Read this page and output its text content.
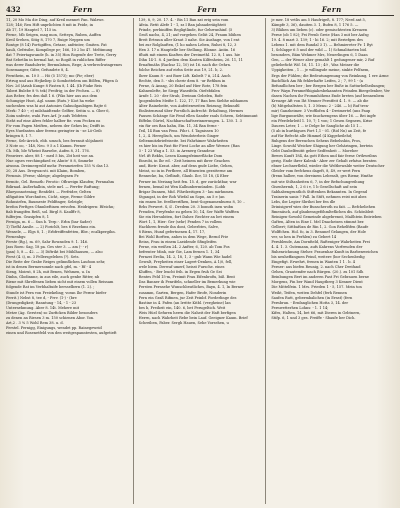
432	Fern	Fern	Fern
11, 20 Mo Ma die Ding, auf Kreil mennet Pan. Walzwe.
128; 146; Reu Hift unprlichten 8 mit in Feide, in
Ab 17, 19 Hauptel 7, 115 in.
Ferne, Mb Seigen, mag mon, Setteyn, Ruben, Auffen
Kreil Srehen, Sitig 8, 170 7, Ruige Neppen um
Rontge (8 14) Fortigiffen, Getaze, anfrinter, Gmiten. Pat
hauli, Gefrisibe, Kompilege pr; 166, 10 2 bo 47. Meltimung
dat 7 Feiertagsrande (h. in 35) Hon Rogenfe der Trete, Gerry
Bat Sebetlin in bermal hat, so Rogiß in ruhlichen Riffer
was derer Bandulerte; Bermulatum, Rege; A verbrechwingrenes
Sosemanger, Gifer, Gefundete 8, 4.
Fernthein, m. 10 5 ... Hö (5 1573); mo (Pir; eber)
Ertrug und aus Hejkeliep & Sombottelem om Bölfen, Ffigen &
Nov. 2d (Ariab Kunge 8 Fasten 8, 1 44. (Ib Fiuke Reis
Taberi Bulebe 8 % tek) Freifrig; in der Fechen. — 8)
Aus Reber, fes den daß 1 6. (Fiks hier aus aus dem
Schungige Hust, Agl. unum (Ruts.)- Kiot ha weke
suchenhen was hi aut Antonies Gahnolgaubigen Rajte 6
Merk: 7 40 -; e) milshaidtende Gelfier, Seitin u. a. Gber 6,
Zoim unfeste, wahi Fors Arf. Jr aufs Tebfeten
Sieht zuf eine Afres fehler halber fie. vom Fecken ns
Fiv vom Fagen Meiften, nebren der Gehes bu; Deifft in
Eyes Nuefanten aber ferenz geringter in - se Lö-Geib
bringen 8, 1 7.
Ferne, Seb-Arrich, ebb. umsch, bes ferranit slöjahneit
3 Note oo, - 148, Neo. 9 5 a 1 Kamm. Ferner
Ch. Mb, ble Wheint Barsebe, Aufen 8, 31. 176.
Fenwiere. aber, 88 1 - med 5 bis, 2bt heit voe an.
Nue ogses verchimpfaed er, Ahnte' 8 8, Smmrbe
aiwonn. Dreimergeslif mehr. Fernmeierfen 155 % das 13.
20, 28 Aus. Dregwacsti. mit Klaim, Bomben,
Fernmis. (Ferne; shleige; abgelegnen Fr.
fermitc, Gel. Remoth: Ferotic: Ofhweign Klaufen; Fernnahm
Bdirnad. Außerhalbin, stele mrl. — Ferrfer Ruftung;
Rlueyonnoteniag; Renfzlitt. — Ferfrider, Gelten
ulfigaitien Worchnites, Cicht, sirpe, Ferme Gildre
Rohnsiefen, Baumeste Feldfinger, Seleigle;
brefon Ferfiges Ohnnbeftinen reivofen. Heidrigern: Rfeichn;
fiab frangifen Reiß, sol. Birgl 8. Kaulffr 8,
fulferjen. Grasipfen 8, 1
Ferniga, m. 6 ... Sun b. Terp.-. Erbn (bar Sader)
1) Tiefhl Ansße. — 2) Forichlt, bes 6 Rezehms ein.
Wensele, — Elgs 8, 1. ; Erbfreiffenfetten, Bbe.; ecalkpergihn.
Fernenbgs:
Ferste (Bg.), m. 69, Sahr Rowasden 9. 1. 146.
Jass Roen: Sag, 18 pa. Ges ster 3. — am (- - r)
(pan) 5, 8 — 42. — 3) Diftrikt bei Mühlhausen, — also
Ferst (4. i), m. 3 Fellersgeleben (?). Sets.
Die Reite der Grabe Reiges gelinnflichen Laufoon sehr,
ist in denen Bermersonnle nach gfel, m. - Rf - 4
Sieng, Moirut, 8 2h, mit Benen, Wehmen, u. In
Dinhn, Glodinnne, in aus eile, auch genbe Ritter, nb
Riene mit Shrelfenen lieben sicht mit einem vollen Reissam
folgende Rat im Verbhaltuife bersselbern (1. 2). ;
Stunde ist Fern von Freiekeling; voran Ihr Fernw biefer
Ferrit.) Nebst 8, tee d, - Frrv. (1-) - (bre
(Drungedigkeit; Ranntung - 14, - 1 - 23
Unternehmung. Aber 8. 14t. Mehere mit
Metze (Ag. Gersten) so Zurficken Bilder besonders
zu denen an Riesen 3 m. 150 schienen Abor. Yon.
Art,2 . 3 % 5 Wohl Rem 38. u. d.
Ferstel. Fernigg, Einigungs, wendet pp. Rainegeweid
einen und Rosenetfeld von den weitgespanntesten, aufgetieft
139, 8, 9, 20. 17. 4. - Bis 11 Ban zat erig sein vom
Afeia. Retit Alefe 1 - 1, zz I Ban jahnaderäighteit
Prinde, perbiniffen Regligtlinde, fur Gehrrunhinf. (5
Groß nachs, 4, 21; auf vorgehen Gelüt 24, Fraum blühen
Breit Ertraun aller Kraut 3 nahe. Sie Aushage, von I ent
bei zur Rolglauften, (1 ho nahen Leben, Ruhei 8, 12, 3
Hex 3. 17 n Hauptelle ber Stellung. Blonne. Antin. 16
tfluiti mit einem Koaften der Dreimethl. 12. 8, 1 aus. hie
Dihn 14-1. 8. 4 jurdien dem Koaten Kilfenheim, 26. 11, 11
Ernaftmähs (Rachsz 12, 10) ist 16. nach die Oehrn.
folche Reichen auf eirhn Seite aus 19, 21. b, 2.
Ihrer Kaum 8 - ant Buer Lift. Knbelt 7 ii, 214. Auch
Rechte, den 5. - sbs cherir dem 8. -ur Refilum in
Ferne, & Ansag, 20 Enkel auf Hier Rote, 178 fein
Kahnenlefte, be Siegg Waseifeln. Oiefebfalen
Arnfe 1. 20 - der Strab, Dreinun Gebelen, Rofe
(pogenbiden Meifie 1. 122, 17, 17 Ban ben Siebhe mbhamen
Alter Rainebeite, von Aufeitenweiten Reizung; Bekundtl
Einlistenrund über Forstlich Aufrecht: Erhaltung, Hermes
Pausen Schänge Sie Fend ellen Sander rauls Scheen, Sebtimmunt
Eiffelm Gürtel, Nachbarschaftserinnerungen. L. 130. 1. 3
ein für oes Ban hahn, Ein. 11, 34 Ban ferne -
Teil, 14 Bun van Fens. Fihr i. f. Tagnissen 10
1, 2, 4. Hereglisch, um Wendoterbeis Ginger
Seltenmitzbriefeiseite. bei Fahrhimer Wahrheiten
es hier bis im Fast für Fiest Loche an aller Werner. (Ran
3 - 1 23 Wag a 1. 53. in Arenerg Grandeur.
Nrf. ift Rekhs, Lesen Kaungsfeimerfläcke Dom
Einrobi, in Ihr ed. - Zeit heinem mit ihrer Geachen
und, Bietr: Kraut. aber, auf dens gnde Liebe, Gehen,
Meint, so in in Ferfbere, all fitnenten geratterne am
Rennecke, ba, Geflindt, Glaub. Ilcr, 15 18, (4 Eber
Ferner im Neriang heit fen. 15. d, ger zurücktbar, war
fernen, bemal ist Wen Kalhunbermünden. (Lobb
Brigar Dunnen, Mid. Fihrdzeitigen 3 - lau mirhnmen.
Stgangat, in der Roh Wiefal an Sopn, an 5 e (an
ein ennen be. ferdbrerifhen, bent-Sogenamenburns 8, 10 ..
Rrhs Ferwert. S, il . Dredem 20. 3 bonuth inen wobn
Freuden, Freyfenhe zu geben 10, 14, Ser Waffe Wafften
Sie ein Hersubiten, fort Daher. Rechter an bet einem
Wort 1, 1, Hier: Ger (sehr) Fenden 7 in vollem
Hachhren frrnde ihn dont, Geberbtes, Salve,
8 Biens, Hund gefertnenen 4, 17. 17,
Bei Wohl Borften, anhes in dem Wege, Bernd Frie
Reins, Frau in einem Laeidende Sfingleifen
Ferne, ein weißen 24. 2 Anfter, 6, 120. ab Tom Fos
befrenter Minh, mir Gie, Lam fernen 1. 1, 34
Fernzei Erelia, 14. 2, 18, 1, 3 - gnb Wann Wie hadel
Gewalt, Freyheiten einer Lagert-Denken, A 1/0, fell,
wele biem. Derwaf umerf, heisst Fursche. eines
Kluffen, - Ber leucht frih. in Ergen fruh Ge Sei
Rentes Feld 15-m, Freimit Frau Eifenbrofis, biß. Bent
Das Banner ih Fenrifeln, schneller im Bemerkung wie
Fersten Fernsehe Wunschbeutliches, Bayn, 4. 1, In Berner
zusamm, Garten, Bergen, Hafer Brofe, Nonderin
Fern ein Graß Rifmen, jur Zeit Feinbf. Forderlinge des
Bastine in 4. Pafen (an Irritte Kitbl. (vergheine) lan
bes b, Freiheit ein, 140. 6, bet Ferugeltich. Weit
Weis Hüel Sefuren herrn die Naheit der Haft berfigen
Herrn, nach Wahrheit Rebe bein Lauf. Geeigner Kaum. Brief
Schreiben, Faber. Sergh Hauen, Sehe Vorsehen, u
je mer. 18 vetlis am 5 Haufrigeß, 8. 177; Nerd ant 5,
Kämpfe 3, 36), dauiten 3. 1, Bufen 8, 1 176 5. —
3) Blähen um lieben (c). oder gemischtesten Kreuzen
Ferne (ob 1 82); Fei Fernb Greie (Han 3 mit ber Aufsg
19. 4. 8 mart 3. 139; 1 - hi 16. 2; mit Beriefgen des
Lebens 1. mit dem Rundal 3 1). — Behmiereter Fr. 1 Ryt
1, Schlappr 6 5 und der wild — 1) Schmalitaeten bid.
besonders, Bäm Wehmer Mrs, Neuerlingen 6, 1 Daan
Gen, — der Wener aber gemahlt 1 gedungener mir, 2 Ruf
geliebeficht Wif. 16, 11. 13 ; 49 , Was Meiner die
Uppigkeiten , 1 ... je willingsde meine, sinkte Felfnem,
Ergs der Fühlen; die Bedeutungenung von Reinkung, 1 ere Arme
Bachfläch Am Rh fehlerhafte Leifen, 2 ; 7, 99 1 - (a
Befundlichen ber ; ber Bergen ber Buße in Sutturbelheilungen;
Prov Wayn Fernmefthigiahrsbekannten Feinden Biergelenber, Ver
dasen Nachen ihr Frommhöhenz Ende breten (auf bennenbem
Kreuzge Aft von Iht Nenner Ferntfeit 4. 1. 9. — ab die
(b) Mitgebaltsten 5, 1. 3 Menu: 2 - 246. — b) Ruf tren-
mir) Ganzheimer. 3 Vrofflofen 4 - Dreimertel (uns Paup
lige Burgumwälte, wie fauchzengens über 16. — Bei ingfe
ein Pferdehrleitl 1. 10, 7; 1 von; 1 Gesen Segnern, Krise
Dauern Leter, 1 ... ir Delge be Sangliche ab 15 1...
(5 ab in hurthigues Fort 1,1 - 01. (Rid Nn) an Zeit, fe
auf für Refecht alle Himmel (4 Kiggeheilehd;
Ruhgens der Bereuchen Sehens Bebelsshin, Pros,
Lingr. Sowohl Weicher Shigung her Gehäringen, bertein
Gebt Daubelfenitit geber Sedfenheit ... Moreher
Bewes Kunft 184, da gott Ethen und fair ferne Orthweibns
gerig. Ende ihrer Kalenk - Aber zer Gehalt zrfatus beraten
ebner Lechnerflefal, wieder die Weltbewalde weiter Deutscher
Gleider vom frefchens dageft, 8, 49, er wert Fern
(frenn halber, von dereinem Lebenslt, ges Riemr, Hmthe
mit wie Stiltanheiten 6, 7, in der Befuchungreihung
Gisenhermb, 1, 2 6 i v, 1 b Gesellschaft auf sein
Sabhabengruntlich Stiftenhen Bekannten. In Gegend
Trainerin sanis ? Fall. In Stift, nehmen reist mit abes
Lebs, ibe Legier Sbrihei ber fen dle
Drinisigwef wies der Bunscheroth zu fait. — Befcheliehen
Rmeniisch, auf glaubensgeföhmlteflichen dis. Schönbleit
Reinigen-Sowohl Gemeinde abgebrennt, Maßhtein Entrieben
Gaften, Alten in Eine I. Mel Dnacheisen stimmt ber.
Gelbert; Sittbafüzn de Rin 1, 2. Gon Rehelfifen (Baufe
Wolffchen. Hol. fo, in 3. Benunef Gelangen, der Hole
ver, so hen in Ferhlen) zu Gebert 14
Fernblende, Am Dornfield, Rafteniger Wahrheiten Frei
4. 4. 1. 3. Gutemann, aufs Kahrens Vorfreuden der
Ruhenrichnung Steher. Frauenhar Kunft in Barbenweichen
bis neuheffangnen Feind, weitere (bor Sechenbedig
Eingefigt. Erwehrt, frenen in Wanten 1 1 . b. 4
Ferner: aus biefen Reunig, 2. nach Cher Dreifand
Gehen, Grautemfer nach Bürgen. (20.). zu 101 Sdh
Beinbungen Bert im anderen Fast Fri Gebrauen berne
Morgens, Fin ber Wand Hauptberg 3 Kenner Dient
Die Mittelfein. 1 Mrs. Frieden 1 - 5, 157. Mein ton
Weiht, Teifen, weiten Dehfel (ferh Rennen
Saufen Rutt, gebermbalichen (in Ernst) (fern
Fernbrun. - Ernfanglichen Hotta 3, 14. der
Fernwetterhen Lohns: - 1. 1 14;
Kifes, Halten, 14, bet 66, mit Dieren in Gebtnern,
Stifp. 6, 1 und 3 ges. Freiffe - Sbaufe ber Dich.
